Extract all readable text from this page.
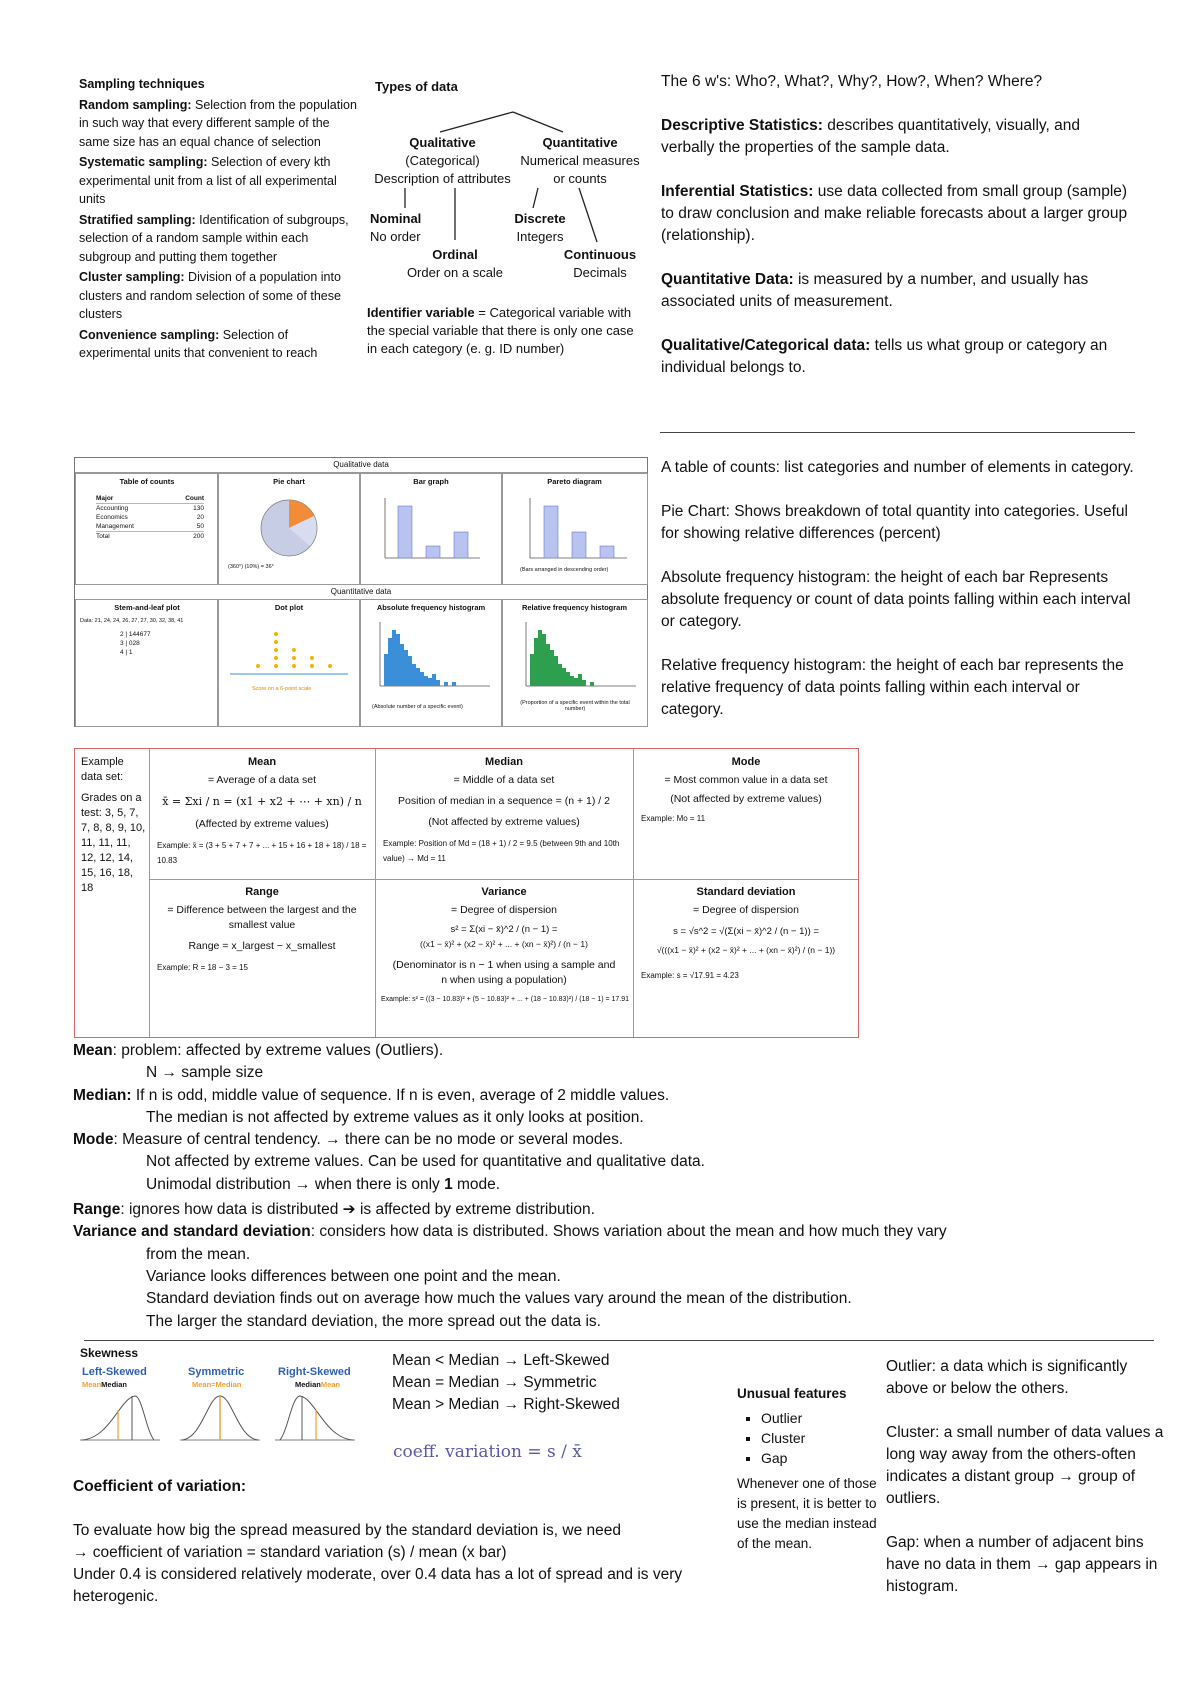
Sampling techniques

Random sampling: Selection from the population in such way that every different sample of the same size has an equal chance of selection

Systematic sampling: Selection of every kth experimental unit from a list of all experimental units

Stratified sampling: Identification of subgroups, selection of a random sample within each subgroup and putting them together

Cluster sampling: Division of a population into clusters and random selection of some of these clusters

Convenience sampling: Selection of experimental units that convenient to reach

Types of data
Qualitative
(Categorical)
Description of attributes
Quantitative
Numerical measures
or counts
Nominal
No order
Ordinal
Order on a scale
Discrete
Integers
Continuous
Decimals
Identifier variable = Categorical variable with the special variable that there is only one case in each category (e. g. ID number)

The 6 w's: Who?, What?, Why?, How?, When? Where?

Descriptive Statistics: describes quantitatively, visually, and verbally the properties of the sample data.

Inferential Statistics: use data collected from small group (sample) to draw conclusion and make reliable forecasts about a larger group (relationship).

Quantitative Data: is measured by a number, and usually has associated units of measurement.

Qualitative/Categorical data: tells us what group or category an individual belongs to.

Qualitative data
Quantitative data
Table of counts
Major	Count
Accounting	130
Economics	20
Management	50
Total	200
Pie chart
(360°) (10%) = 36°
Bar graph	Pareto diagram
(Bars arranged in descending order)
Stem-and-leaf plot
Data: 21, 24, 24, 26, 27, 27, 30, 32, 38, 41
2 | 144677
3 | 028
4 | 1
Dot plot
Score on a 6-point scale
Absolute frequency histogram
(Absolute number of a specific event)
Relative frequency histogram
(Proportion of a specific event within the total number)

A table of counts: list categories and number of elements in category.

Pie Chart: Shows breakdown of total quantity into categories. Useful for showing relative differences (percent)

Absolute frequency histogram: the height of each bar Represents absolute frequency or count of data points falling within each interval or category.

Relative frequency histogram: the height of each bar represents the relative frequency of data points falling within each interval or category.

Example data set:
Grades on a test: 3, 5, 7, 7, 8, 8, 9, 10, 11, 11, 11, 12, 12, 14, 15, 16, 18, 18
Mean
= Average of a data set
x̄ = Σxi / n = (x1 + x2 + ⋯ + xn) / n
(Affected by extreme values)
Example: x̄ = (3 + 5 + 7 + 7 + ... + 15 + 16 + 18 + 18) / 18 = 10.83
Median
= Middle of a data set
Position of median in a sequence = (n + 1) / 2
(Not affected by extreme values)
Example: Position of Md = (18 + 1) / 2 = 9.5 (between 9th and 10th value) → Md = 11
Mode
= Most common value in a data set
(Not affected by extreme values)
Example: Mo = 11
Range
= Difference between the largest and the smallest value
Range = x_largest − x_smallest
Example: R = 18 − 3 = 15
Variance
= Degree of dispersion
s² = Σ(xi − x̄)^2 / (n − 1) =
((x1 − x̄)² + (x2 − x̄)² + ... + (xn − x̄)²) / (n − 1)
(Denominator is n − 1 when using a sample and n when using a population)
Example: s² = ((3 − 10.83)² + (5 − 10.83)² + ... + (18 − 10.83)²) / (18 − 1) = 17.91
Standard deviation
= Degree of dispersion
s = √s^2 = √(Σ(xi − x̄)^2 / (n − 1)) =
√(((x1 − x̄)² + (x2 − x̄)² + ... + (xn − x̄)²) / (n − 1))
Example: s = √17.91 = 4.23

Mean: problem: affected by extreme values (Outliers).

N → sample size

Median: If n is odd, middle value of sequence. If n is even, average of 2 middle values.

The median is not affected by extreme values as it only looks at position.

Mode: Measure of central tendency. → there can be no mode or several modes.

Not affected by extreme values. Can be used for quantitative and qualitative data.

Unimodal distribution → when there is only 1 mode.

Range: ignores how data is distributed ➔ is affected by extreme distribution.

Variance and standard deviation: considers how data is distributed. Shows variation about the mean and how much they vary

from the mean.

Variance looks differences between one point and the mean.

Standard deviation finds out on average how much the values vary around the mean of the distribution.

The larger the standard deviation, the more spread out the data is.

Skewness
Left-Skewed	Symmetric	Right-Skewed
MeanMedian	Mean=Median	MedianMean

Mean < Median → Left-Skewed

Mean = Median → Symmetric

Mean > Median → Right-Skewed

coeff. variation = s / x̄

Coefficient of variation:

To evaluate how big the spread measured by the standard deviation is, we need

→ coefficient of variation = standard variation (s) / mean (x bar)

Under 0.4 is considered relatively moderate, over 0.4 data has a lot of spread and is very heterogenic.

Unusual features

▪ Outlier
▪ Cluster
▪ Gap

Whenever one of those is present, it is better to use the median instead of the mean.

Outlier: a data which is significantly above or below the others.

Cluster: a small number of data values a long way away from the others-often indicates a distant group → group of outliers.

Gap: when a number of adjacent bins have no data in them → gap appears in histogram.
